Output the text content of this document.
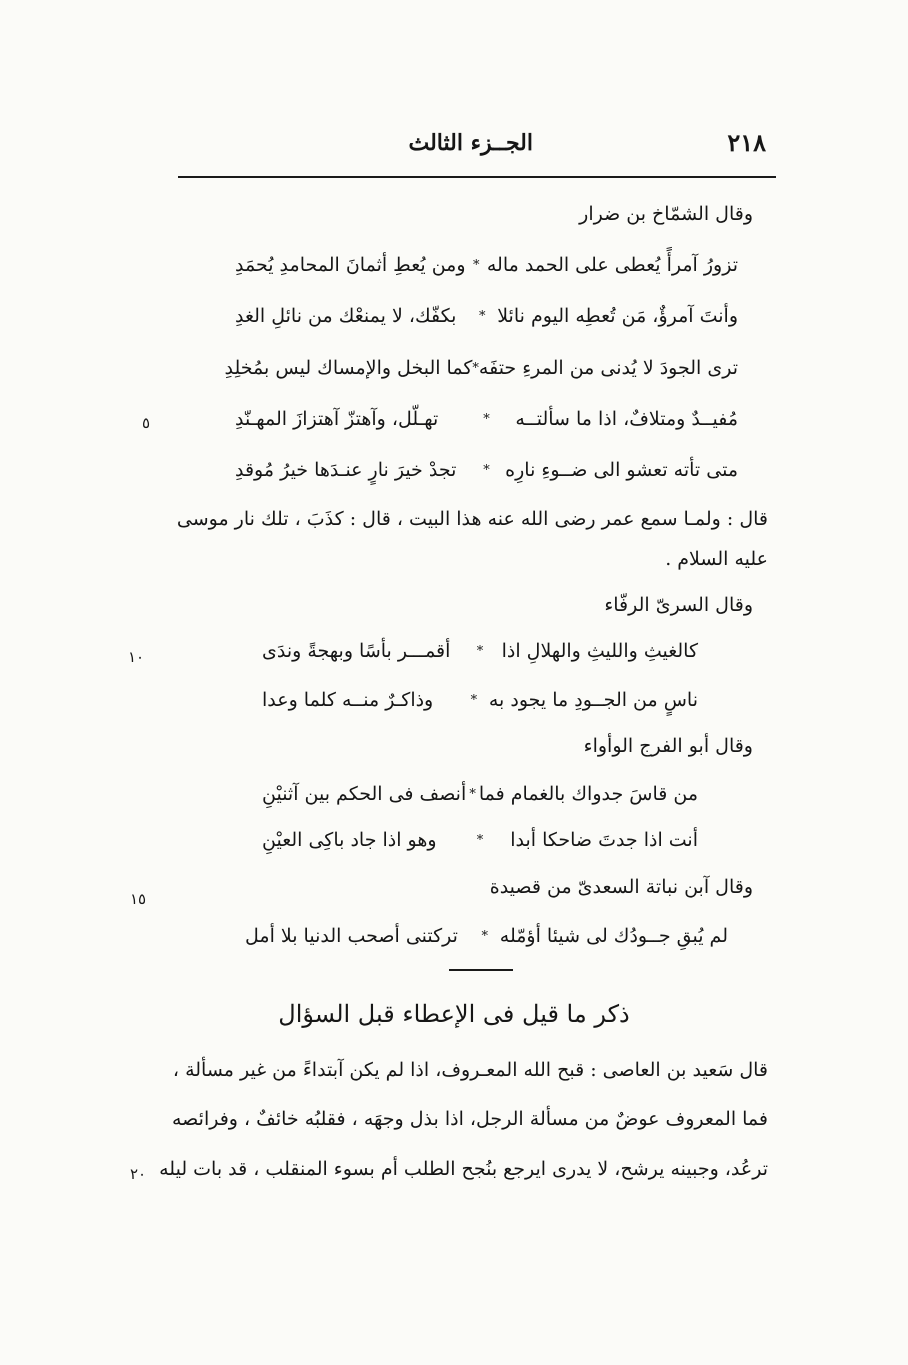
٢١٨
الجــزء الثالث
وقال الشمّاخ بن ضرار
تزورُ آمرأً يُعطى على الحمد ماله
*
ومن يُعطِ أثمانَ المحامدِ يُحمَدِ
وأنتَ آمرؤٌ، مَن تُعطِه اليوم نائلا
*
بكفّك، لا يمنعْك من نائلِ الغدِ
ترى الجودَ لا يُدنى من المرءِ حتفَه
*
كما البخل والإمساك ليس بمُخلِدِ
مُفيــدٌ ومتلافٌ، اذا ما سألتــه
*
تهـلّل، وآهتزّ آهتزازَ المهـنّدِ
٥
متى تأته تعشو الى ضــوءِ نارِه
*
تجدْ خيرَ نارٍ عنـدَها خيرُ مُوقدِ
قال : ولمـا سمع عمر رضى الله عنه هذا البيت ، قال : كذَبَ ، تلك نار موسى
عليه السلام .
وقال السرىّ الرفّاء
كالغيثِ والليثِ والهلالِ اذا
*
أقمـــر بأسًا وبهجةً وندَى
١٠
ناسٍ من الجــودِ ما يجود به
*
وذاكـرٌ منــه كلما وعدا
وقال أبو الفرج الوأواء
من قاسَ جدواك بالغمام فما
*
أنصف فى الحكم بين آثنيْنِ
أنت اذا جدتَ ضاحكا أبدا
*
وهو اذا جاد باكِى العيْنِ
وقال آبن نباتة السعدىّ من قصيدة
١٥
لم يُبقِ جــودُك لى شيئا أؤمّله
*
تركتنى أصحب الدنيا بلا أمل
ذكر ما قيل فى الإعطاء قبل السؤال
قال سَعيد بن العاصى : قبح الله المعـروف، اذا لم يكن آبتداءً من غير مسألة ،
فما المعروف عوضٌ من مسألة الرجل، اذا بذل وجهَه ، فقلبُه خائفٌ ، وفرائصه
ترعُد، وجبينه يرشح، لا يدرى ايرجع بنُجح الطلب أم بسوء المنقلب ، قد بات ليله
٢٠
